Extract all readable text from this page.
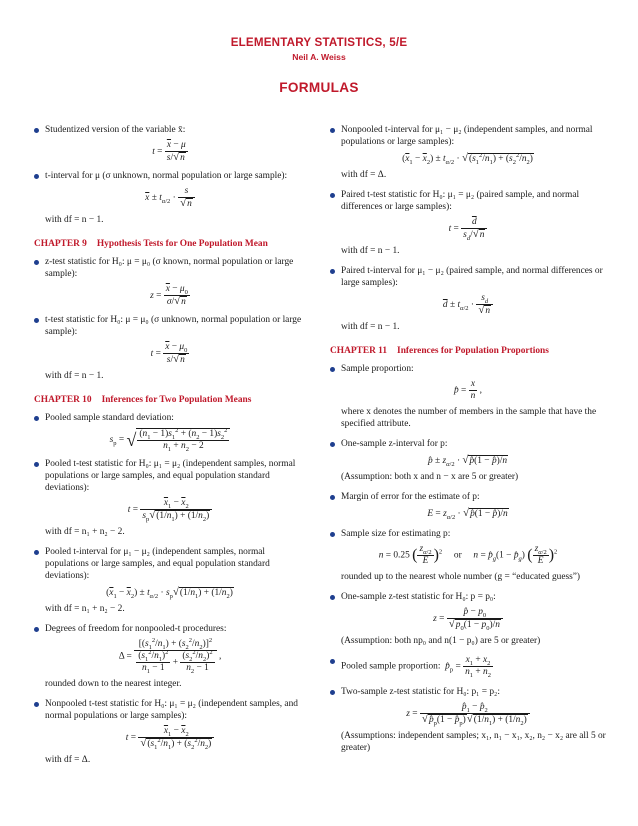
ELEMENTARY STATISTICS, 5/E
Neil A. Weiss
FORMULAS
Studentized version of the variable x̄:
$t = \frac{\overline{x} - \mu}{s/√n}$
t-interval for μ (σ unknown, normal population or large sample):
$\overline{x} \pm t_{\alpha/2} \cdot \frac{s}{√n}$
with df = n − 1.
CHAPTER 9 Hypothesis Tests for One Population Mean
z-test statistic for H₀: μ = μ₀ (σ known, normal population or large sample):
$z = \frac{\overline{x} - \mu_0}{\sigma/√n}$
t-test statistic for H₀: μ = μ₀ (σ unknown, normal population or large sample):
$t = \frac{\overline{x} - \mu_0}{s/√n}$
with df = n − 1.
CHAPTER 10 Inferences for Two Population Means
Pooled sample standard deviation:
$s_p$ = √ $\frac{(n_1 - 1)s_1^2 + (n_2 - 1)s_2^2}{n_1 + n_2 - 2}$
Pooled t-test statistic for H₀: μ₁ = μ₂ (independent samples, normal populations or large samples, and equal population standard deviations):
$t = \frac{\overline{x}_1 - \overline{x}_2}{s_p√(1/n_1) + (1/n_2)}$
with df = n₁ + n₂ − 2.
Pooled t-interval for μ₁ − μ₂ (independent samples, normal populations or large samples, and equal population standard deviations):
$(\overline{x}_1 - \overline{x}_2) \pm t_{\alpha/2} \cdot s_p√(1/n_1) + (1/n_2)$
with df = n₁ + n₂ − 2.
Degrees of freedom for nonpooled-t procedures:
$\Delta = \frac{[(s_1^2/n_1) + (s_2^2/n_2)]^2}{\frac{(s_1^2/n_1)^2}{n_1 - 1} + \frac{(s_2^2/n_2)^2}{n_2 - 1}}$ ,
rounded down to the nearest integer.
Nonpooled t-test statistic for H₀: μ₁ = μ₂ (independent samples, and normal populations or large samples):
$t = \frac{\overline{x}_1 - \overline{x}_2}{√(s_1^2/n_1) + (s_2^2/n_2)}$
with df = Δ.
Nonpooled t-interval for μ₁ − μ₂ (independent samples, and normal populations or large samples):
$(\overline{x}_1 - \overline{x}_2) \pm t_{\alpha/2} \cdot √(s_1^2/n_1) + (s_2^2/n_2)$
with df = Δ.
Paired t-test statistic for H₀: μ₁ = μ₂ (paired sample, and normal differences or large samples):
$t = \frac{\overline{d}}{s_d/√n}$
with df = n − 1.
Paired t-interval for μ₁ − μ₂ (paired sample, and normal differences or large samples):
$\overline{d} \pm t_{\alpha/2} \cdot \frac{s_d}{√n}$
with df = n − 1.
CHAPTER 11 Inferences for Population Proportions
Sample proportion:
p̂ = $\frac{x}{n}$ ,
where x denotes the number of members in the sample that have the specified attribute.
One-sample z-interval for p:
p̂ ± $z_{\alpha/2}$ · √p̂(1 − p̂)/n
(Assumption: both x and n − x are 5 or greater)
Margin of error for the estimate of p:
$E = z_{\alpha/2}$ · √p̂(1 − p̂)/n
Sample size for estimating p:
n = 0.25 ( $\frac{z_{\alpha/2}}{E} )^2$ or $n = p̂_g(1$ − $p̂_g$) ( $\frac{z_{\alpha/2}}{E} )^2$
rounded up to the nearest whole number (g = “educated guess”)
One-sample z-test statistic for H₀: p = p₀:
$z = \frac{p̂ - p_0}{√p_0(1 - p_0)/n}$
(Assumption: both np₀ and n(1 − p₀) are 5 or greater)
Pooled sample proportion: $p̂_p = \frac{x_1 + x_2}{n_1 + n_2}$
Two-sample z-test statistic for H₀: p₁ = p₂:
$z = \frac{p̂_1 - p̂_2}{√p̂_p(1 - p̂_p)√(1/n_1) + (1/n_2)}$
(Assumptions: independent samples; x₁, n₁ − x₁, x₂, n₂ − x₂ are all 5 or greater)
